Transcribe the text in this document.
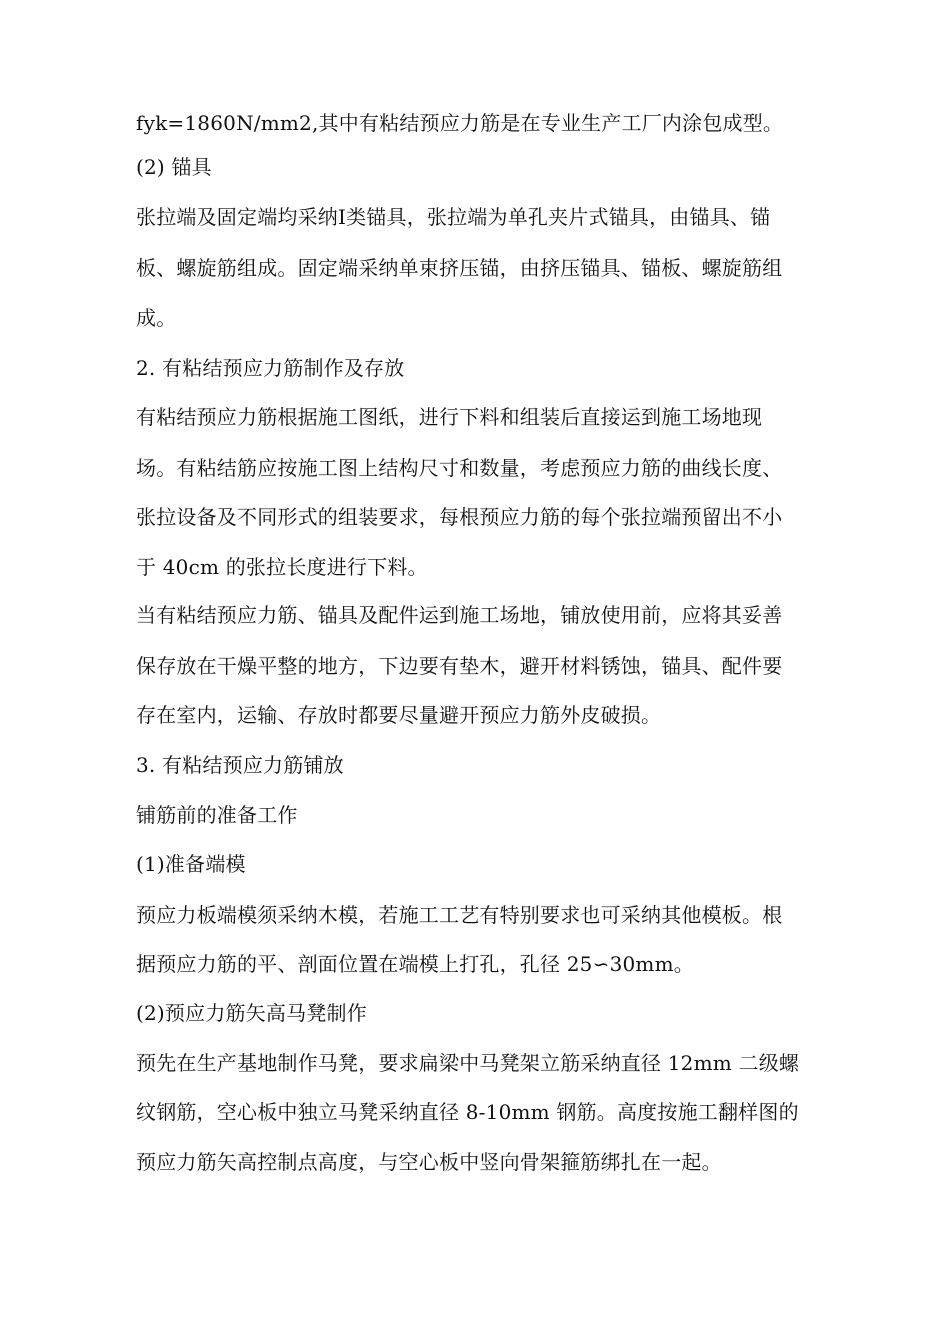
fyk=1860N/mm2,其中有粘结预应力筋是在专业生产工厂内涂包成型。
(2) 锚具
张拉端及固定端均采纳Ⅰ类锚具，张拉端为单孔夹片式锚具，由锚具、锚
板、螺旋筋组成。固定端采纳单束挤压锚，由挤压锚具、锚板、螺旋筋组
成。
2. 有粘结预应力筋制作及存放
有粘结预应力筋根据施工图纸，进行下料和组装后直接运到施工场地现
场。有粘结筋应按施工图上结构尺寸和数量，考虑预应力筋的曲线长度、
张拉设备及不同形式的组装要求，每根预应力筋的每个张拉端预留出不小
于 40cm 的张拉长度进行下料。
当有粘结预应力筋、锚具及配件运到施工场地，铺放使用前，应将其妥善
保存放在干燥平整的地方，下边要有垫木，避开材料锈蚀，锚具、配件要
存在室内，运输、存放时都要尽量避开预应力筋外皮破损。
3. 有粘结预应力筋铺放
铺筋前的准备工作
(1)准备端模
预应力板端模须采纳木模，若施工工艺有特别要求也可采纳其他模板。根
据预应力筋的平、剖面位置在端模上打孔，孔径 25∽30mm。
(2)预应力筋矢高马凳制作
预先在生产基地制作马凳，要求扁梁中马凳架立筋采纳直径 12mm 二级螺
纹钢筋，空心板中独立马凳采纳直径 8-10mm 钢筋。高度按施工翻样图的
预应力筋矢高控制点高度，与空心板中竖向骨架箍筋绑扎在一起。
